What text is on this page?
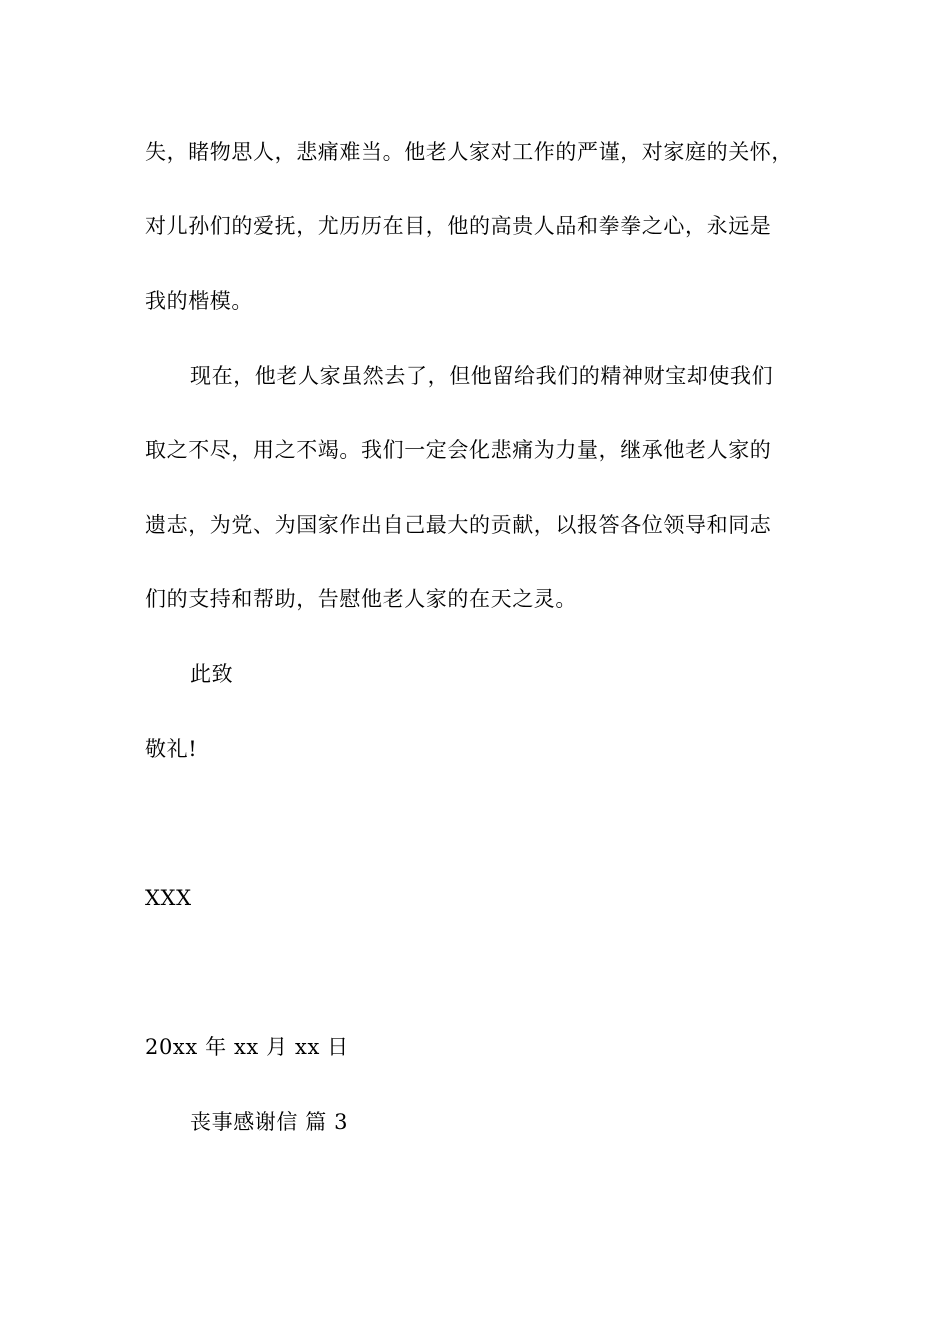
失，睹物思人，悲痛难当。他老人家对工作的严谨，对家庭的关怀，
对儿孙们的爱抚，尤历历在目，他的高贵人品和拳拳之心，永远是
我的楷模。
现在，他老人家虽然去了，但他留给我们的精神财宝却使我们
取之不尽，用之不竭。我们一定会化悲痛为力量，继承他老人家的
遗志，为党、为国家作出自己最大的贡献，以报答各位领导和同志
们的支持和帮助，告慰他老人家的在天之灵。
此致
敬礼!
XXX
20xx 年 xx 月 xx 日
丧事感谢信 篇 3
